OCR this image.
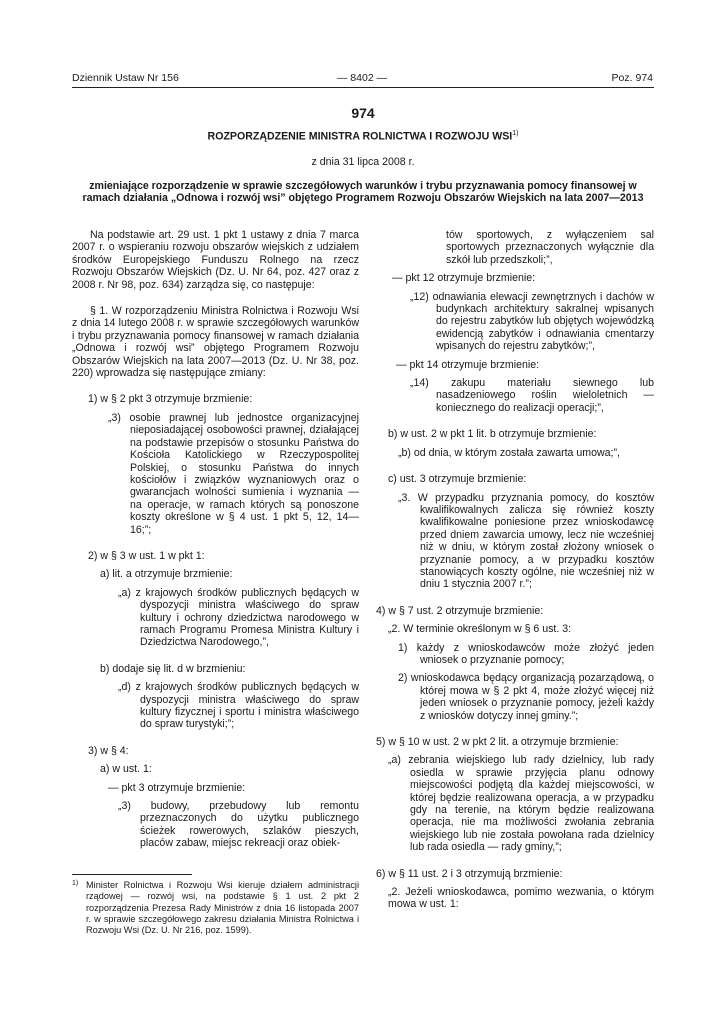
Dziennik Ustaw Nr 156	— 8402 —	Poz. 974
974
ROZPORZĄDZENIE MINISTRA ROLNICTWA I ROZWOJU WSI$^{1)}$
z dnia 31 lipca 2008 r.
zmieniające rozporządzenie w sprawie szczegółowych warunków i trybu przyznawania pomocy finansowej w ramach działania „Odnowa i rozwój wsi” objętego Programem Rozwoju Obszarów Wiejskich na lata 2007—2013

Na podstawie art. 29 ust. 1 pkt 1 ustawy z dnia 7 marca 2007 r. o wspieraniu rozwoju obszarów wiejskich z udziałem środków Europejskiego Funduszu Rolnego na rzecz Rozwoju Obszarów Wiejskich (Dz. U. Nr 64, poz. 427 oraz z 2008 r. Nr 98, poz. 634) zarządza się, co następuje:

§ 1. W rozporządzeniu Ministra Rolnictwa i Rozwoju Wsi z dnia 14 lutego 2008 r. w sprawie szczegółowych warunków i trybu przyznawania pomocy finansowej w ramach działania „Odnowa i rozwój wsi” objętego Programem Rozwoju Obszarów Wiejskich na lata 2007—2013 (Dz. U. Nr 38, poz. 220) wprowadza się następujące zmiany:

1) w § 2 pkt 3 otrzymuje brzmienie:

„3) osobie prawnej lub jednostce organizacyjnej nieposiadającej osobowości prawnej, działającej na podstawie przepisów o stosunku Państwa do Kościoła Katolickiego w Rzeczypospolitej Polskiej, o stosunku Państwa do innych kościołów i związków wyznaniowych oraz o gwarancjach wolności sumienia i wyznania — na operacje, w ramach których są ponoszone koszty określone w § 4 ust. 1 pkt 5, 12, 14—16;”;

2) w § 3 w ust. 1 w pkt 1:

a) lit. a otrzymuje brzmienie:

„a) z krajowych środków publicznych będących w dyspozycji ministra właściwego do spraw kultury i ochrony dziedzictwa narodowego w ramach Programu Promesa Ministra Kultury i Dziedzictwa Narodowego,”,

b) dodaje się lit. d w brzmieniu:

„d) z krajowych środków publicznych będących w dyspozycji ministra właściwego do spraw kultury fizycznej i sportu i ministra właściwego do spraw turystyki;”;

3) w § 4:

a) w ust. 1:

— pkt 3 otrzymuje brzmienie:

„3) budowy, przebudowy lub remontu przeznaczonych do użytku publicznego ścieżek rowerowych, szlaków pieszych, placów zabaw, miejsc rekreacji oraz obiek-

1) Minister Rolnictwa i Rozwoju Wsi kieruje działem administracji rządowej — rozwój wsi, na podstawie § 1 ust. 2 pkt 2 rozporządzenia Prezesa Rady Ministrów z dnia 16 listopada 2007 r. w sprawie szczegółowego zakresu działania Ministra Rolnictwa i Rozwoju Wsi (Dz. U. Nr 216, poz. 1599).

tów sportowych, z wyłączeniem sal sportowych przeznaczonych wyłącznie dla szkół lub przedszkoli;”,

— pkt 12 otrzymuje brzmienie:

„12) odnawiania elewacji zewnętrznych i dachów w budynkach architektury sakralnej wpisanych do rejestru zabytków lub objętych wojewódzką ewidencją zabytków i odnawiania cmentarzy wpisanych do rejestru zabytków;”,

— pkt 14 otrzymuje brzmienie:

„14) zakupu materiału siewnego lub nasadzeniowego roślin wieloletnich — koniecznego do realizacji operacji;”,

b) w ust. 2 w pkt 1 lit. b otrzymuje brzmienie:

„b) od dnia, w którym została zawarta umowa;”,

c) ust. 3 otrzymuje brzmienie:

„3. W przypadku przyznania pomocy, do kosztów kwalifikowalnych zalicza się również koszty kwalifikowalne poniesione przez wnioskodawcę przed dniem zawarcia umowy, lecz nie wcześniej niż w dniu, w którym został złożony wniosek o przyznanie pomocy, a w przypadku kosztów stanowiących koszty ogólne, nie wcześniej niż w dniu 1 stycznia 2007 r.”;

4) w § 7 ust. 2 otrzymuje brzmienie:

„2. W terminie określonym w § 6 ust. 3:

1) każdy z wnioskodawców może złożyć jeden wniosek o przyznanie pomocy;

2) wnioskodawca będący organizacją pozarządową, o której mowa w § 2 pkt 4, może złożyć więcej niż jeden wniosek o przyznanie pomocy, jeżeli każdy z wniosków dotyczy innej gminy.”;

5) w § 10 w ust. 2 w pkt 2 lit. a otrzymuje brzmienie:

„a) zebrania wiejskiego lub rady dzielnicy, lub rady osiedla w sprawie przyjęcia planu odnowy miejscowości podjętą dla każdej miejscowości, w której będzie realizowana operacja, a w przypadku gdy na terenie, na którym będzie realizowana operacja, nie ma możliwości zwołania zebrania wiejskiego lub nie została powołana rada dzielnicy lub rada osiedla — rady gminy,”;

6) w § 11 ust. 2 i 3 otrzymują brzmienie:

„2. Jeżeli wnioskodawca, pomimo wezwania, o którym mowa w ust. 1:
